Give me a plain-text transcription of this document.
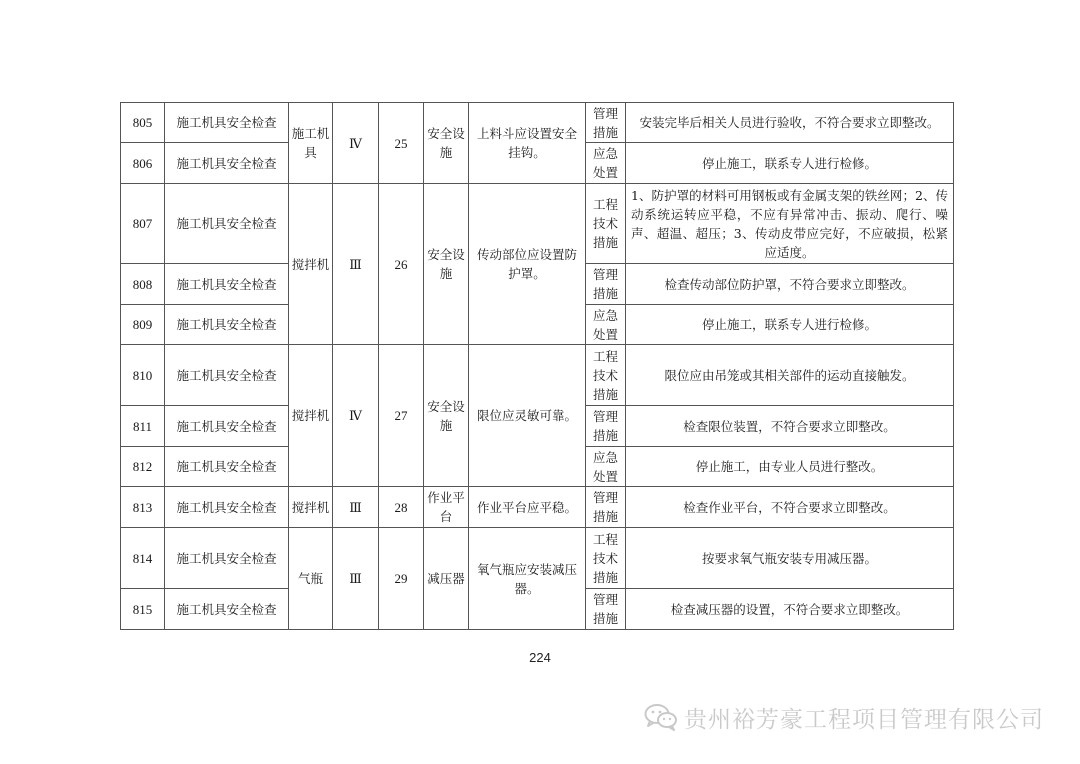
805	施工机具安全检查	施工机具	Ⅳ	25	安全设施	上料斗应设置安全挂钩。	管理措施	安装完毕后相关人员进行验收，不符合要求立即整改。
806	施工机具安全检查						应急处置	停止施工，联系专人进行检修。
807	施工机具安全检查	搅拌机	Ⅲ	26	安全设施	传动部位应设置防护罩。	工程技术措施	1、防护罩的材料可用钢板或有金属支架的铁丝网；2、传动系统运转应平稳，不应有异常冲击、振动、爬行、噪声、超温、超压；3、传动皮带应完好，不应破损，松紧应适度。
808	施工机具安全检查						管理措施	检查传动部位防护罩，不符合要求立即整改。
809	施工机具安全检查						应急处置	停止施工，联系专人进行检修。
810	施工机具安全检查	搅拌机	Ⅳ	27	安全设施	限位应灵敏可靠。	工程技术措施	限位应由吊笼或其相关部件的运动直接触发。
811	施工机具安全检查						管理措施	检查限位装置，不符合要求立即整改。
812	施工机具安全检查						应急处置	停止施工，由专业人员进行整改。
813	施工机具安全检查	搅拌机	Ⅲ	28	作业平台	作业平台应平稳。	管理措施	检查作业平台，不符合要求立即整改。
814	施工机具安全检查	气瓶	Ⅲ	29	减压器	氧气瓶应安装减压器。	工程技术措施	按要求氧气瓶安装专用减压器。
815	施工机具安全检查						管理措施	检查减压器的设置，不符合要求立即整改。
224
贵州裕芳豪工程项目管理有限公司
